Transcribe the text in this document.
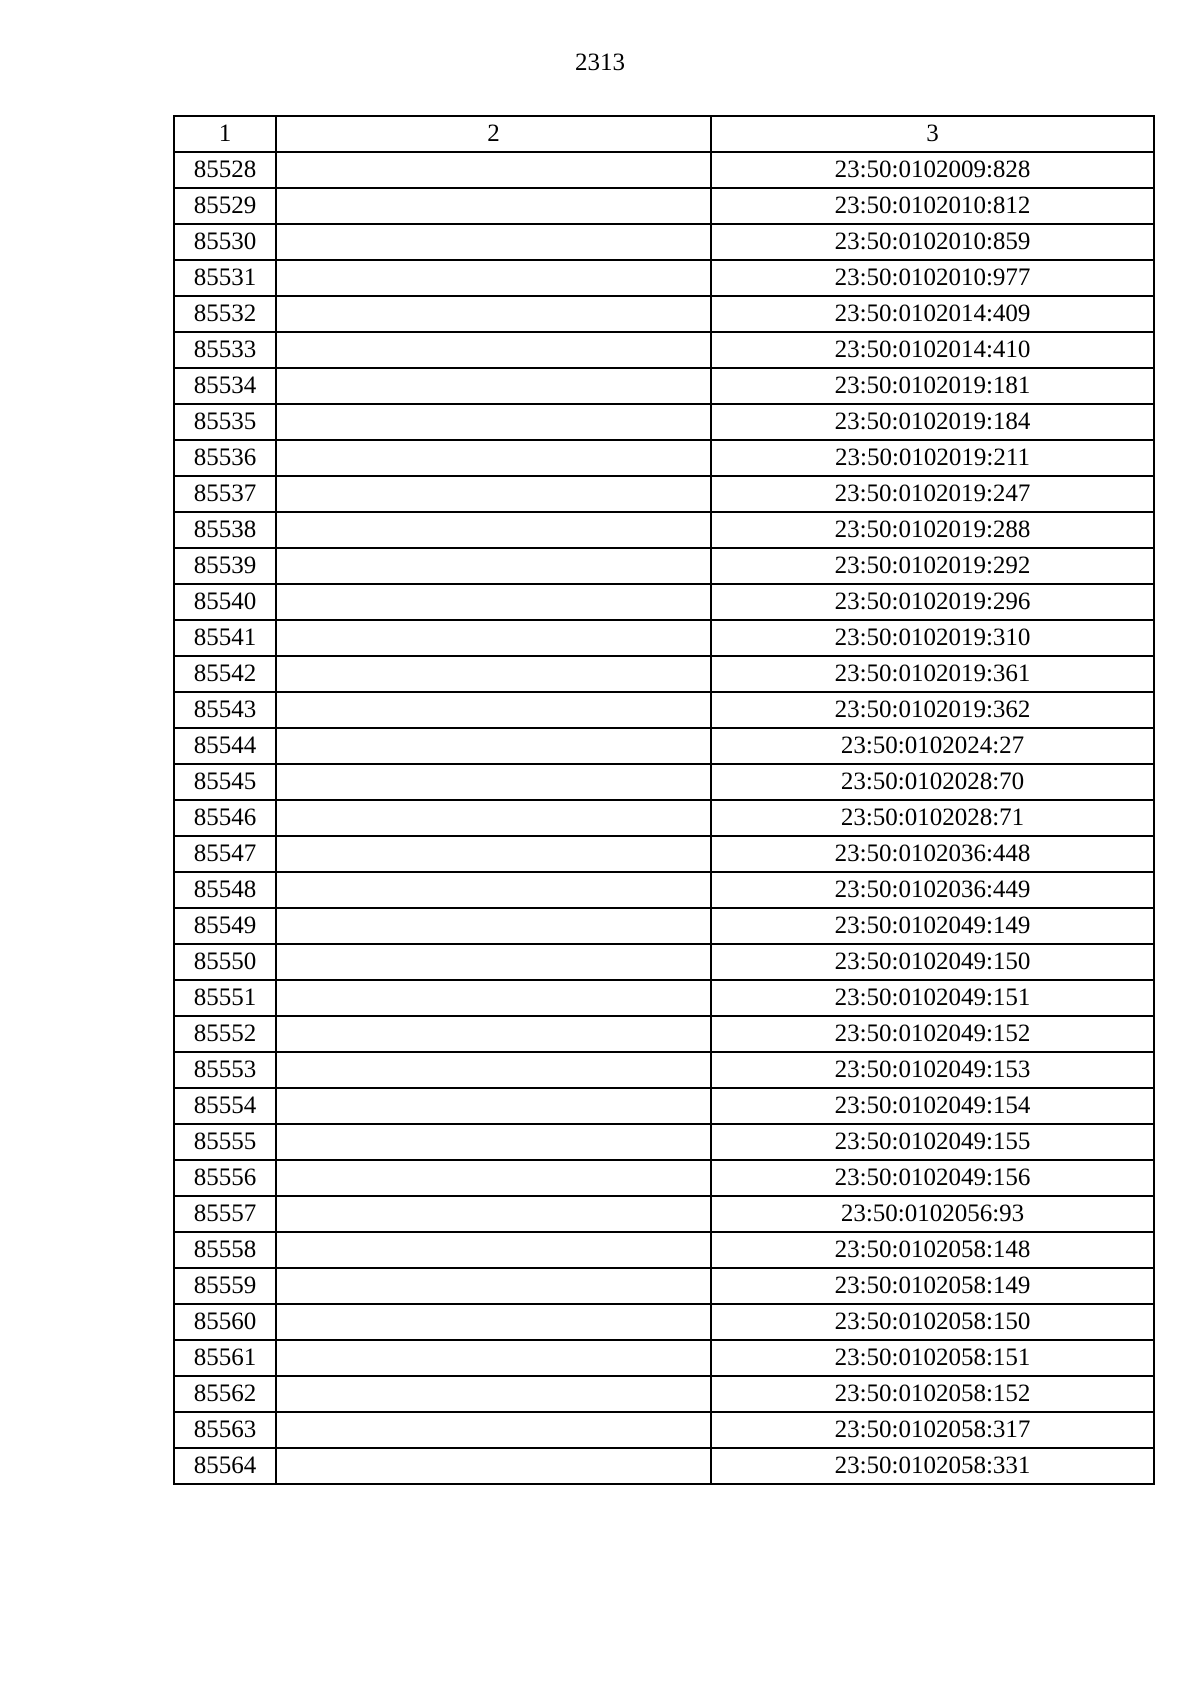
2313
1	2	3
85528		23:50:0102009:828
85529		23:50:0102010:812
85530		23:50:0102010:859
85531		23:50:0102010:977
85532		23:50:0102014:409
85533		23:50:0102014:410
85534		23:50:0102019:181
85535		23:50:0102019:184
85536		23:50:0102019:211
85537		23:50:0102019:247
85538		23:50:0102019:288
85539		23:50:0102019:292
85540		23:50:0102019:296
85541		23:50:0102019:310
85542		23:50:0102019:361
85543		23:50:0102019:362
85544		23:50:0102024:27
85545		23:50:0102028:70
85546		23:50:0102028:71
85547		23:50:0102036:448
85548		23:50:0102036:449
85549		23:50:0102049:149
85550		23:50:0102049:150
85551		23:50:0102049:151
85552		23:50:0102049:152
85553		23:50:0102049:153
85554		23:50:0102049:154
85555		23:50:0102049:155
85556		23:50:0102049:156
85557		23:50:0102056:93
85558		23:50:0102058:148
85559		23:50:0102058:149
85560		23:50:0102058:150
85561		23:50:0102058:151
85562		23:50:0102058:152
85563		23:50:0102058:317
85564		23:50:0102058:331
